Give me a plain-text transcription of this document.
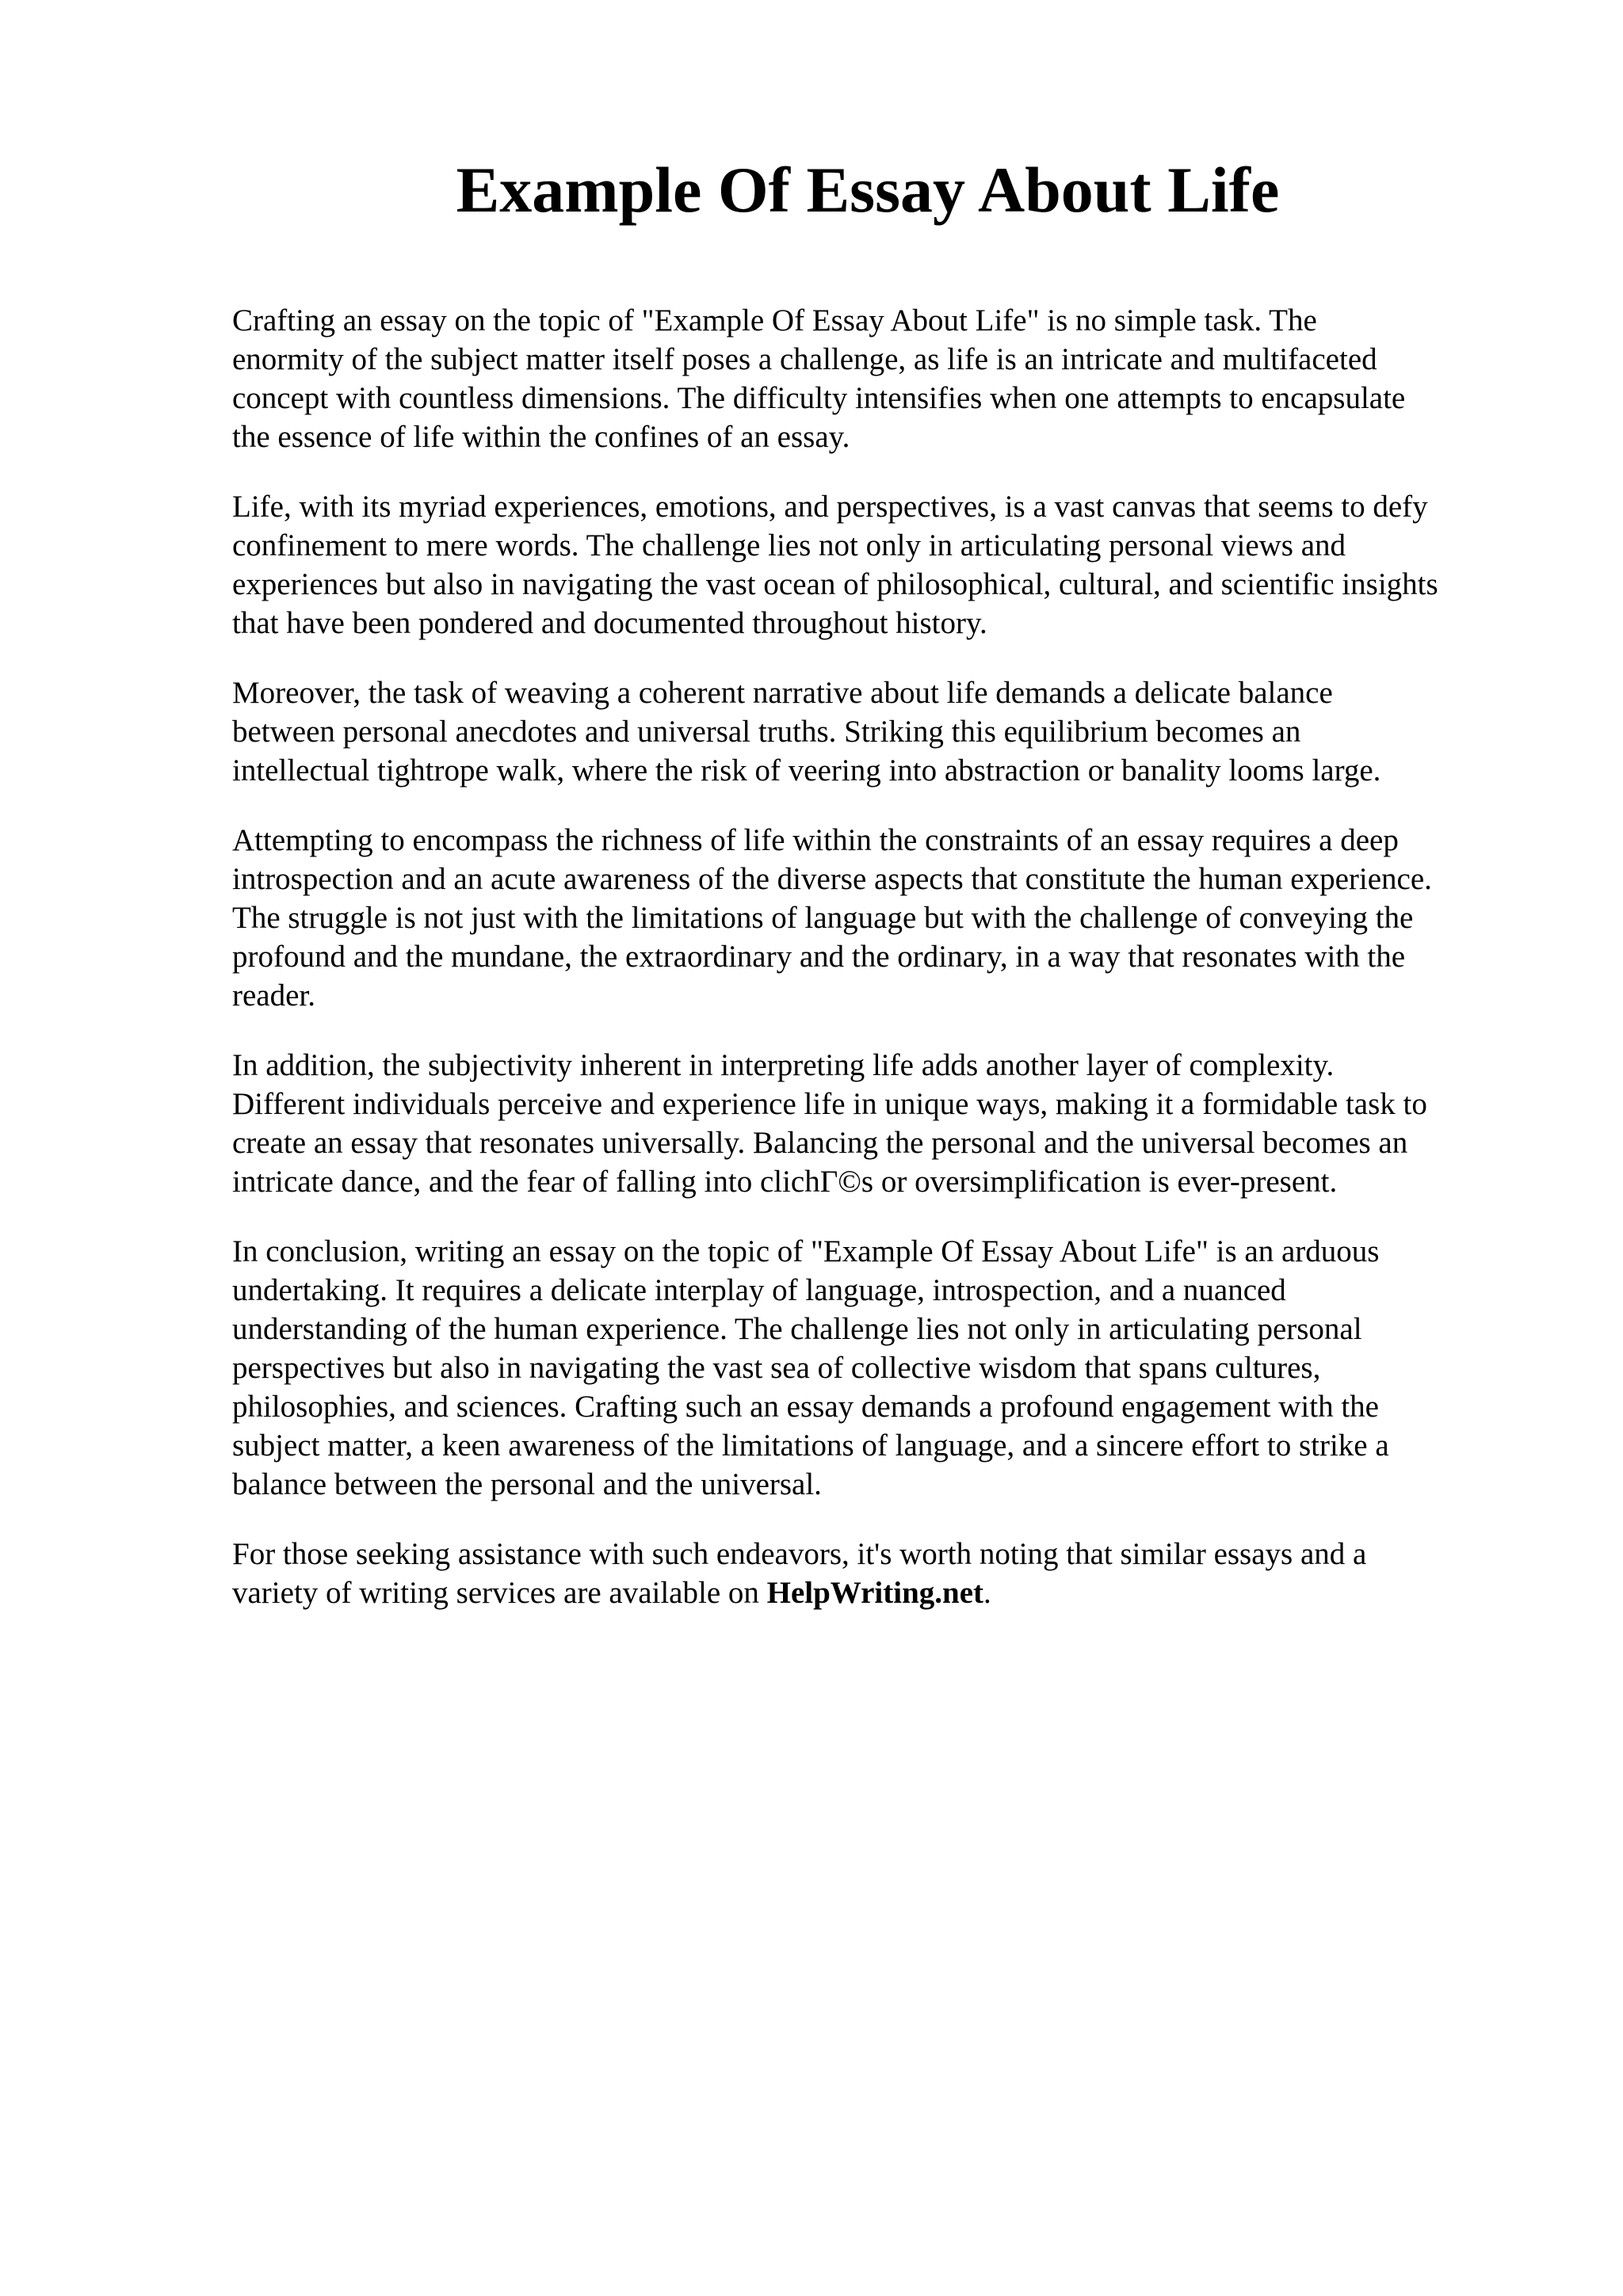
Example Of Essay About Life

Crafting an essay on the topic of "Example Of Essay About Life" is no simple task. The
enormity of the subject matter itself poses a challenge, as life is an intricate and multifaceted
concept with countless dimensions. The difficulty intensifies when one attempts to encapsulate
the essence of life within the confines of an essay.

Life, with its myriad experiences, emotions, and perspectives, is a vast canvas that seems to defy
confinement to mere words. The challenge lies not only in articulating personal views and
experiences but also in navigating the vast ocean of philosophical, cultural, and scientific insights
that have been pondered and documented throughout history.

Moreover, the task of weaving a coherent narrative about life demands a delicate balance
between personal anecdotes and universal truths. Striking this equilibrium becomes an
intellectual tightrope walk, where the risk of veering into abstraction or banality looms large.

Attempting to encompass the richness of life within the constraints of an essay requires a deep
introspection and an acute awareness of the diverse aspects that constitute the human experience.
The struggle is not just with the limitations of language but with the challenge of conveying the
profound and the mundane, the extraordinary and the ordinary, in a way that resonates with the
reader.

In addition, the subjectivity inherent in interpreting life adds another layer of complexity.
Different individuals perceive and experience life in unique ways, making it a formidable task to
create an essay that resonates universally. Balancing the personal and the universal becomes an
intricate dance, and the fear of falling into clichΓ©s or oversimplification is ever-present.

In conclusion, writing an essay on the topic of "Example Of Essay About Life" is an arduous
undertaking. It requires a delicate interplay of language, introspection, and a nuanced
understanding of the human experience. The challenge lies not only in articulating personal
perspectives but also in navigating the vast sea of collective wisdom that spans cultures,
philosophies, and sciences. Crafting such an essay demands a profound engagement with the
subject matter, a keen awareness of the limitations of language, and a sincere effort to strike a
balance between the personal and the universal.

For those seeking assistance with such endeavors, it's worth noting that similar essays and a
variety of writing services are available on HelpWriting.net.
